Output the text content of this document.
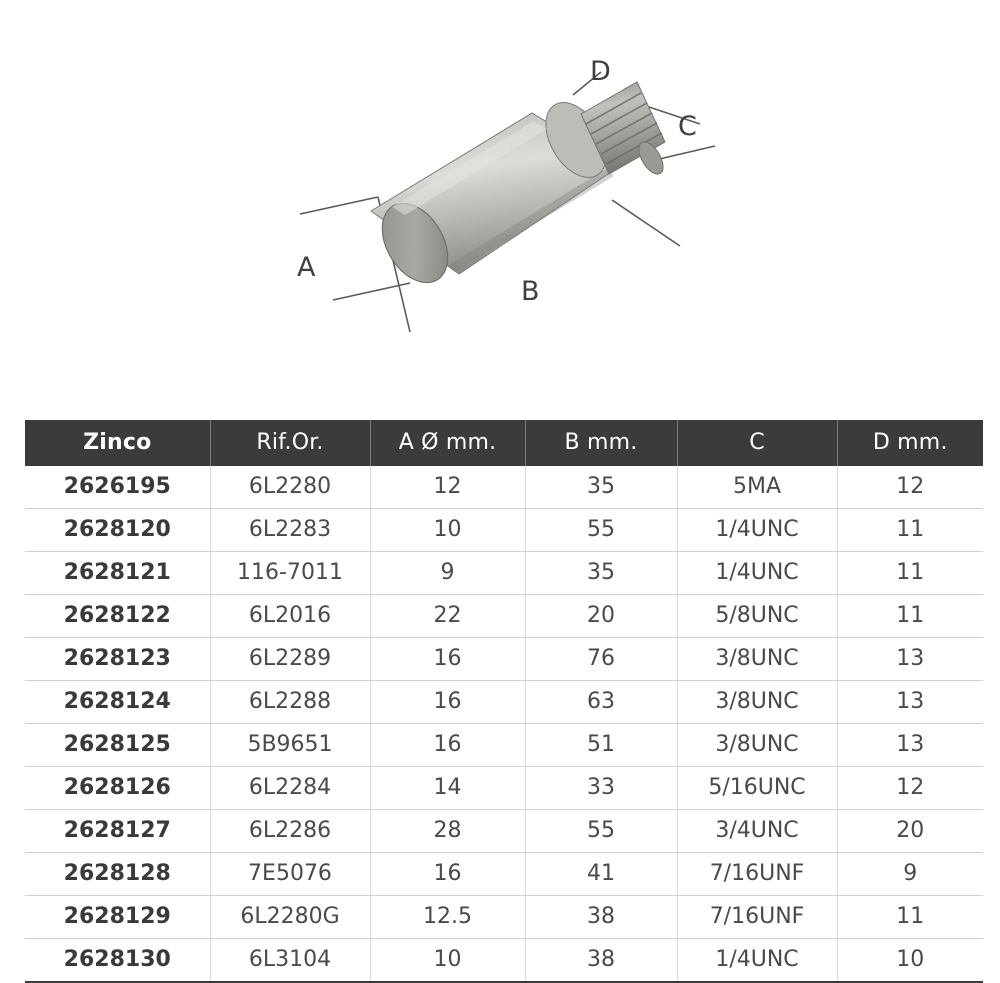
A
B
C
D
Zinco	Rif.Or.	A Ø mm.	B mm.	C	D mm.
2626195	6L2280	12	35	5MA	12
2628120	6L2283	10	55	1/4UNC	11
2628121	116-7011	9	35	1/4UNC	11
2628122	6L2016	22	20	5/8UNC	11
2628123	6L2289	16	76	3/8UNC	13
2628124	6L2288	16	63	3/8UNC	13
2628125	5B9651	16	51	3/8UNC	13
2628126	6L2284	14	33	5/16UNC	12
2628127	6L2286	28	55	3/4UNC	20
2628128	7E5076	16	41	7/16UNF	9
2628129	6L2280G	12.5	38	7/16UNF	11
2628130	6L3104	10	38	1/4UNC	10
